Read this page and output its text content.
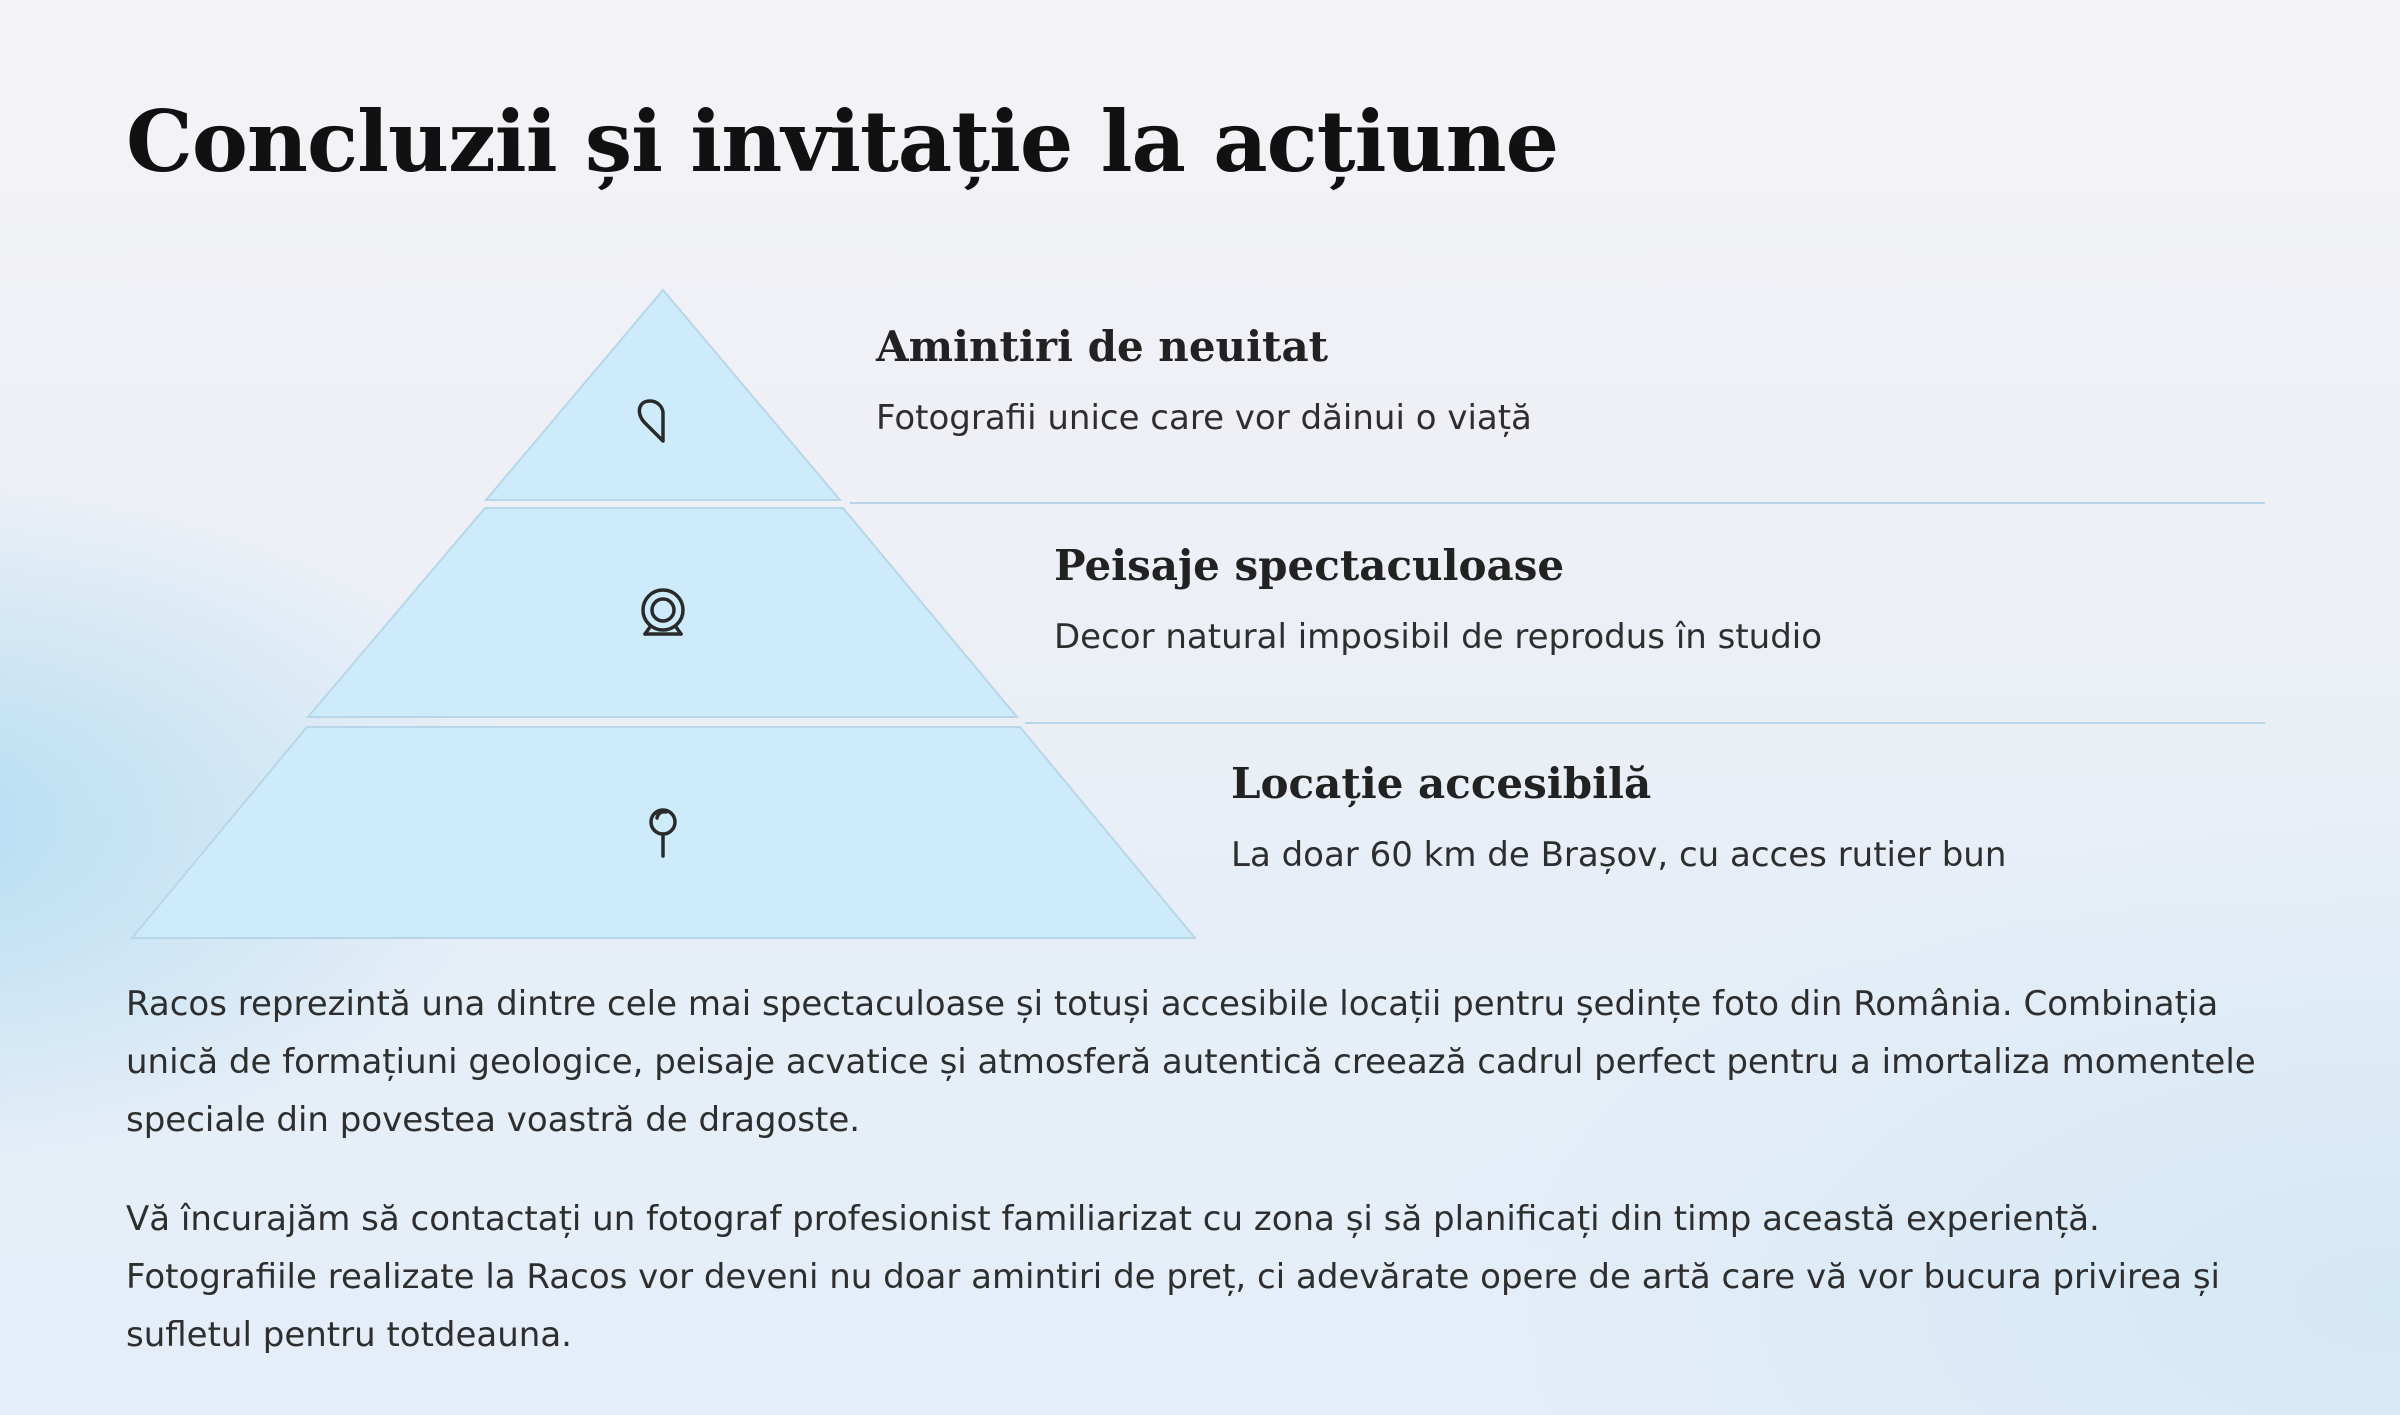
Concluzii și invitație la acțiune
Amintiri de neuitat

Fotografii unice care vor dăinui o viață

Peisaje spectaculoase

Decor natural imposibil de reprodus în studio

Locație accesibilă

La doar 60 km de Brașov, cu acces rutier bun

Racos reprezintă una dintre cele mai spectaculoase și totuși accesibile locații pentru ședințe foto din România. Combinația unică de formațiuni geologice, peisaje acvatice și atmosferă autentică creează cadrul perfect pentru a imortaliza momentele speciale din povestea voastră de dragoste.

Vă încurajăm să contactați un fotograf profesionist familiarizat cu zona și să planificați din timp această experiență. Fotografiile realizate la Racos vor deveni nu doar amintiri de preț, ci adevărate opere de artă care vă vor bucura privirea și sufletul pentru totdeauna.
